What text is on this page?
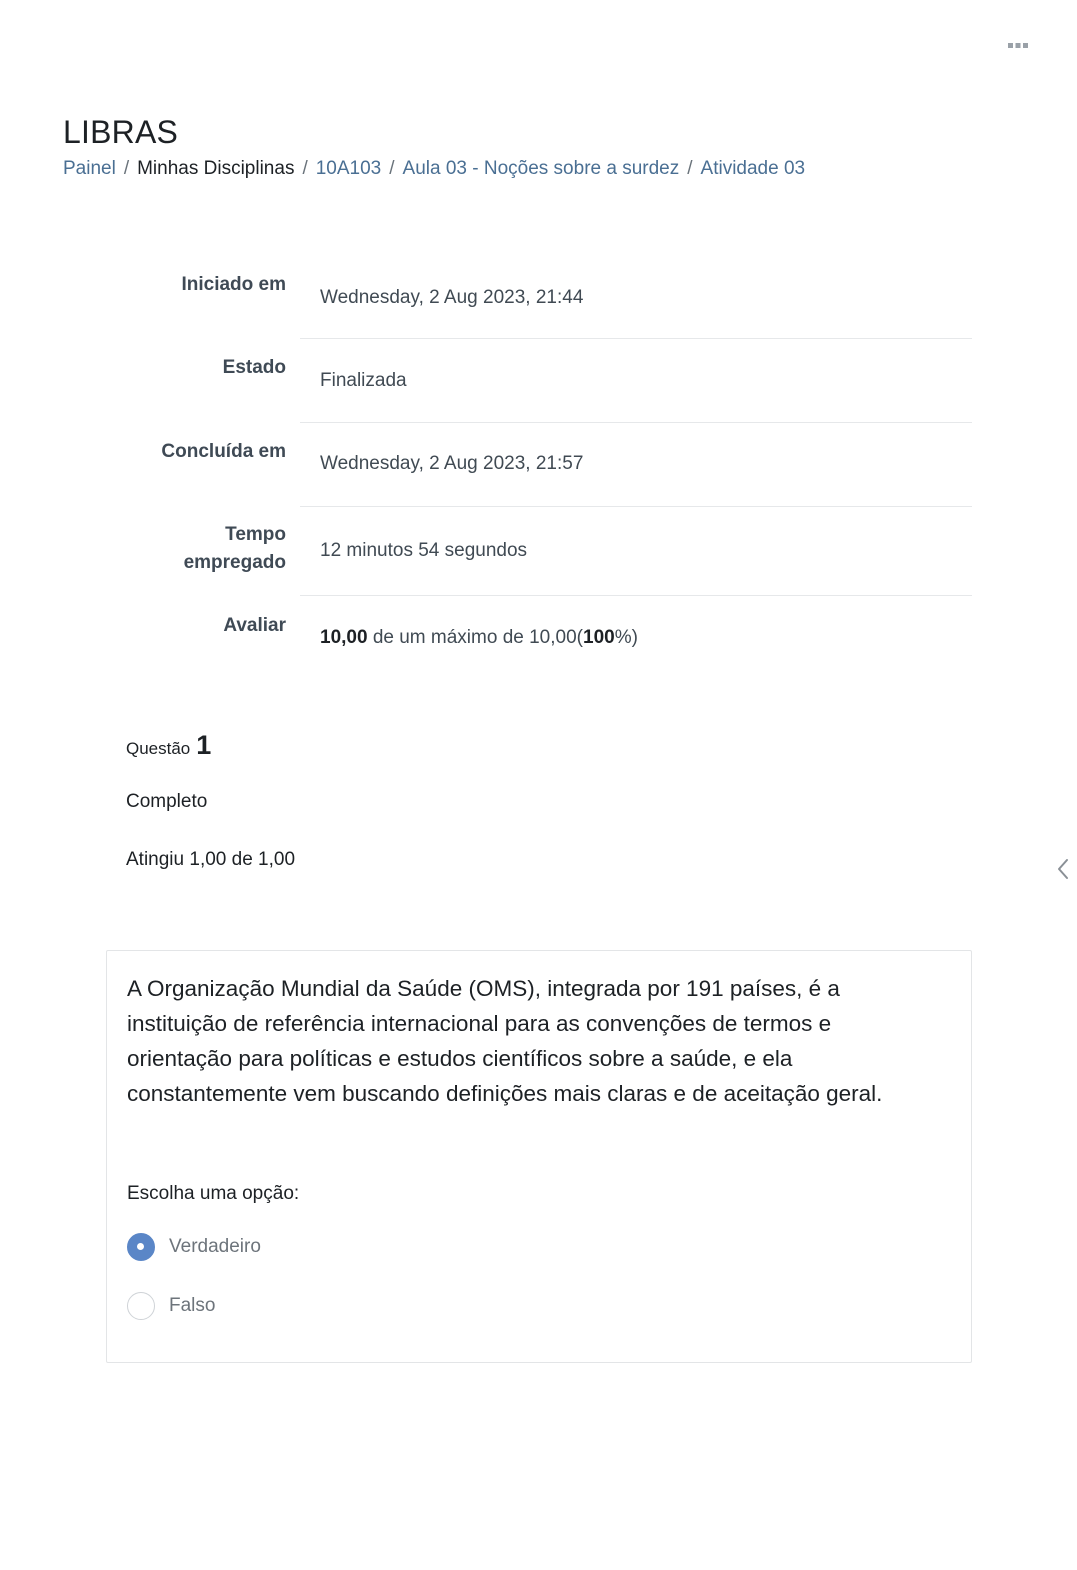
LIBRAS
Painel / Minhas Disciplinas / 10A103 / Aula 03 - Noções sobre a surdez / Atividade 03
Iniciado em
Wednesday, 2 Aug 2023, 21:44
Estado
Finalizada
Concluída em
Wednesday, 2 Aug 2023, 21:57
Tempo
empregado
12 minutos 54 segundos
Avaliar
10,00 de um máximo de 10,00(100%)
Questão 1
Completo
Atingiu 1,00 de 1,00
A Organização Mundial da Saúde (OMS), integrada por 191 países, é a instituição de referência internacional para as convenções de termos e orientação para políticas e estudos científicos sobre a saúde, e ela constantemente vem buscando definições mais claras e de aceitação geral.
Escolha uma opção:
Verdadeiro
Falso
